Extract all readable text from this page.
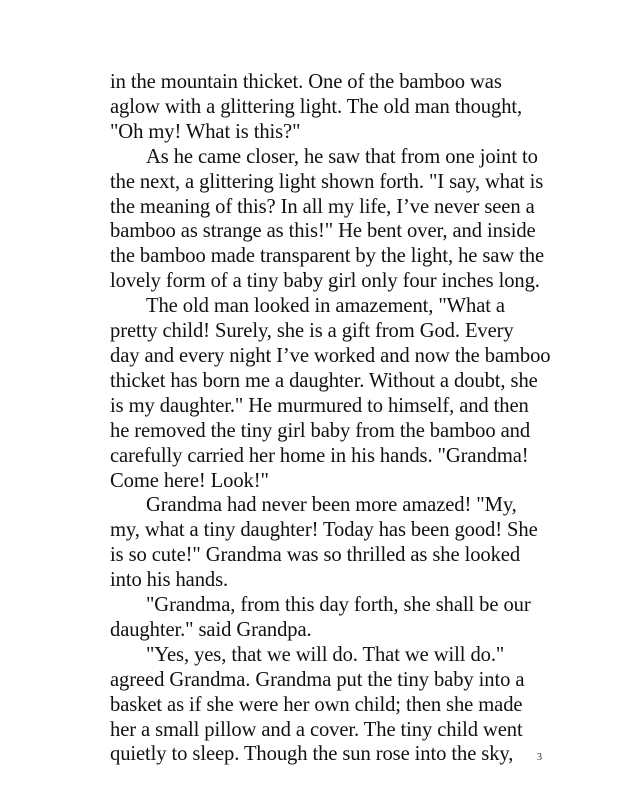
in the mountain thicket. One of the bamboo was

aglow with a glittering light. The old man thought,

"Oh my! What is this?"

As he came closer, he saw that from one joint to

the next, a glittering light shown forth. "I say, what is

the meaning of this? In all my life, I’ve never seen a

bamboo as strange as this!" He bent over, and inside

the bamboo made transparent by the light, he saw the

lovely form of a tiny baby girl only four inches long.

The old man looked in amazement, "What a

pretty child! Surely, she is a gift from God. Every

day and every night I’ve worked and now the bamboo

thicket has born me a daughter. Without a doubt, she

is my daughter." He murmured to himself, and then

he removed the tiny girl baby from the bamboo and

carefully carried her home in his hands. "Grandma!

Come here! Look!"

Grandma had never been more amazed! "My,

my, what a tiny daughter! Today has been good! She

is so cute!" Grandma was so thrilled as she looked

into his hands.

"Grandma, from this day forth, she shall be our

daughter." said Grandpa.

"Yes, yes, that we will do. That we will do."

agreed Grandma. Grandma put the tiny baby into a

basket as if she were her own child; then she made

her a small pillow and a cover. The tiny child went

quietly to sleep. Though the sun rose into the sky,	3
